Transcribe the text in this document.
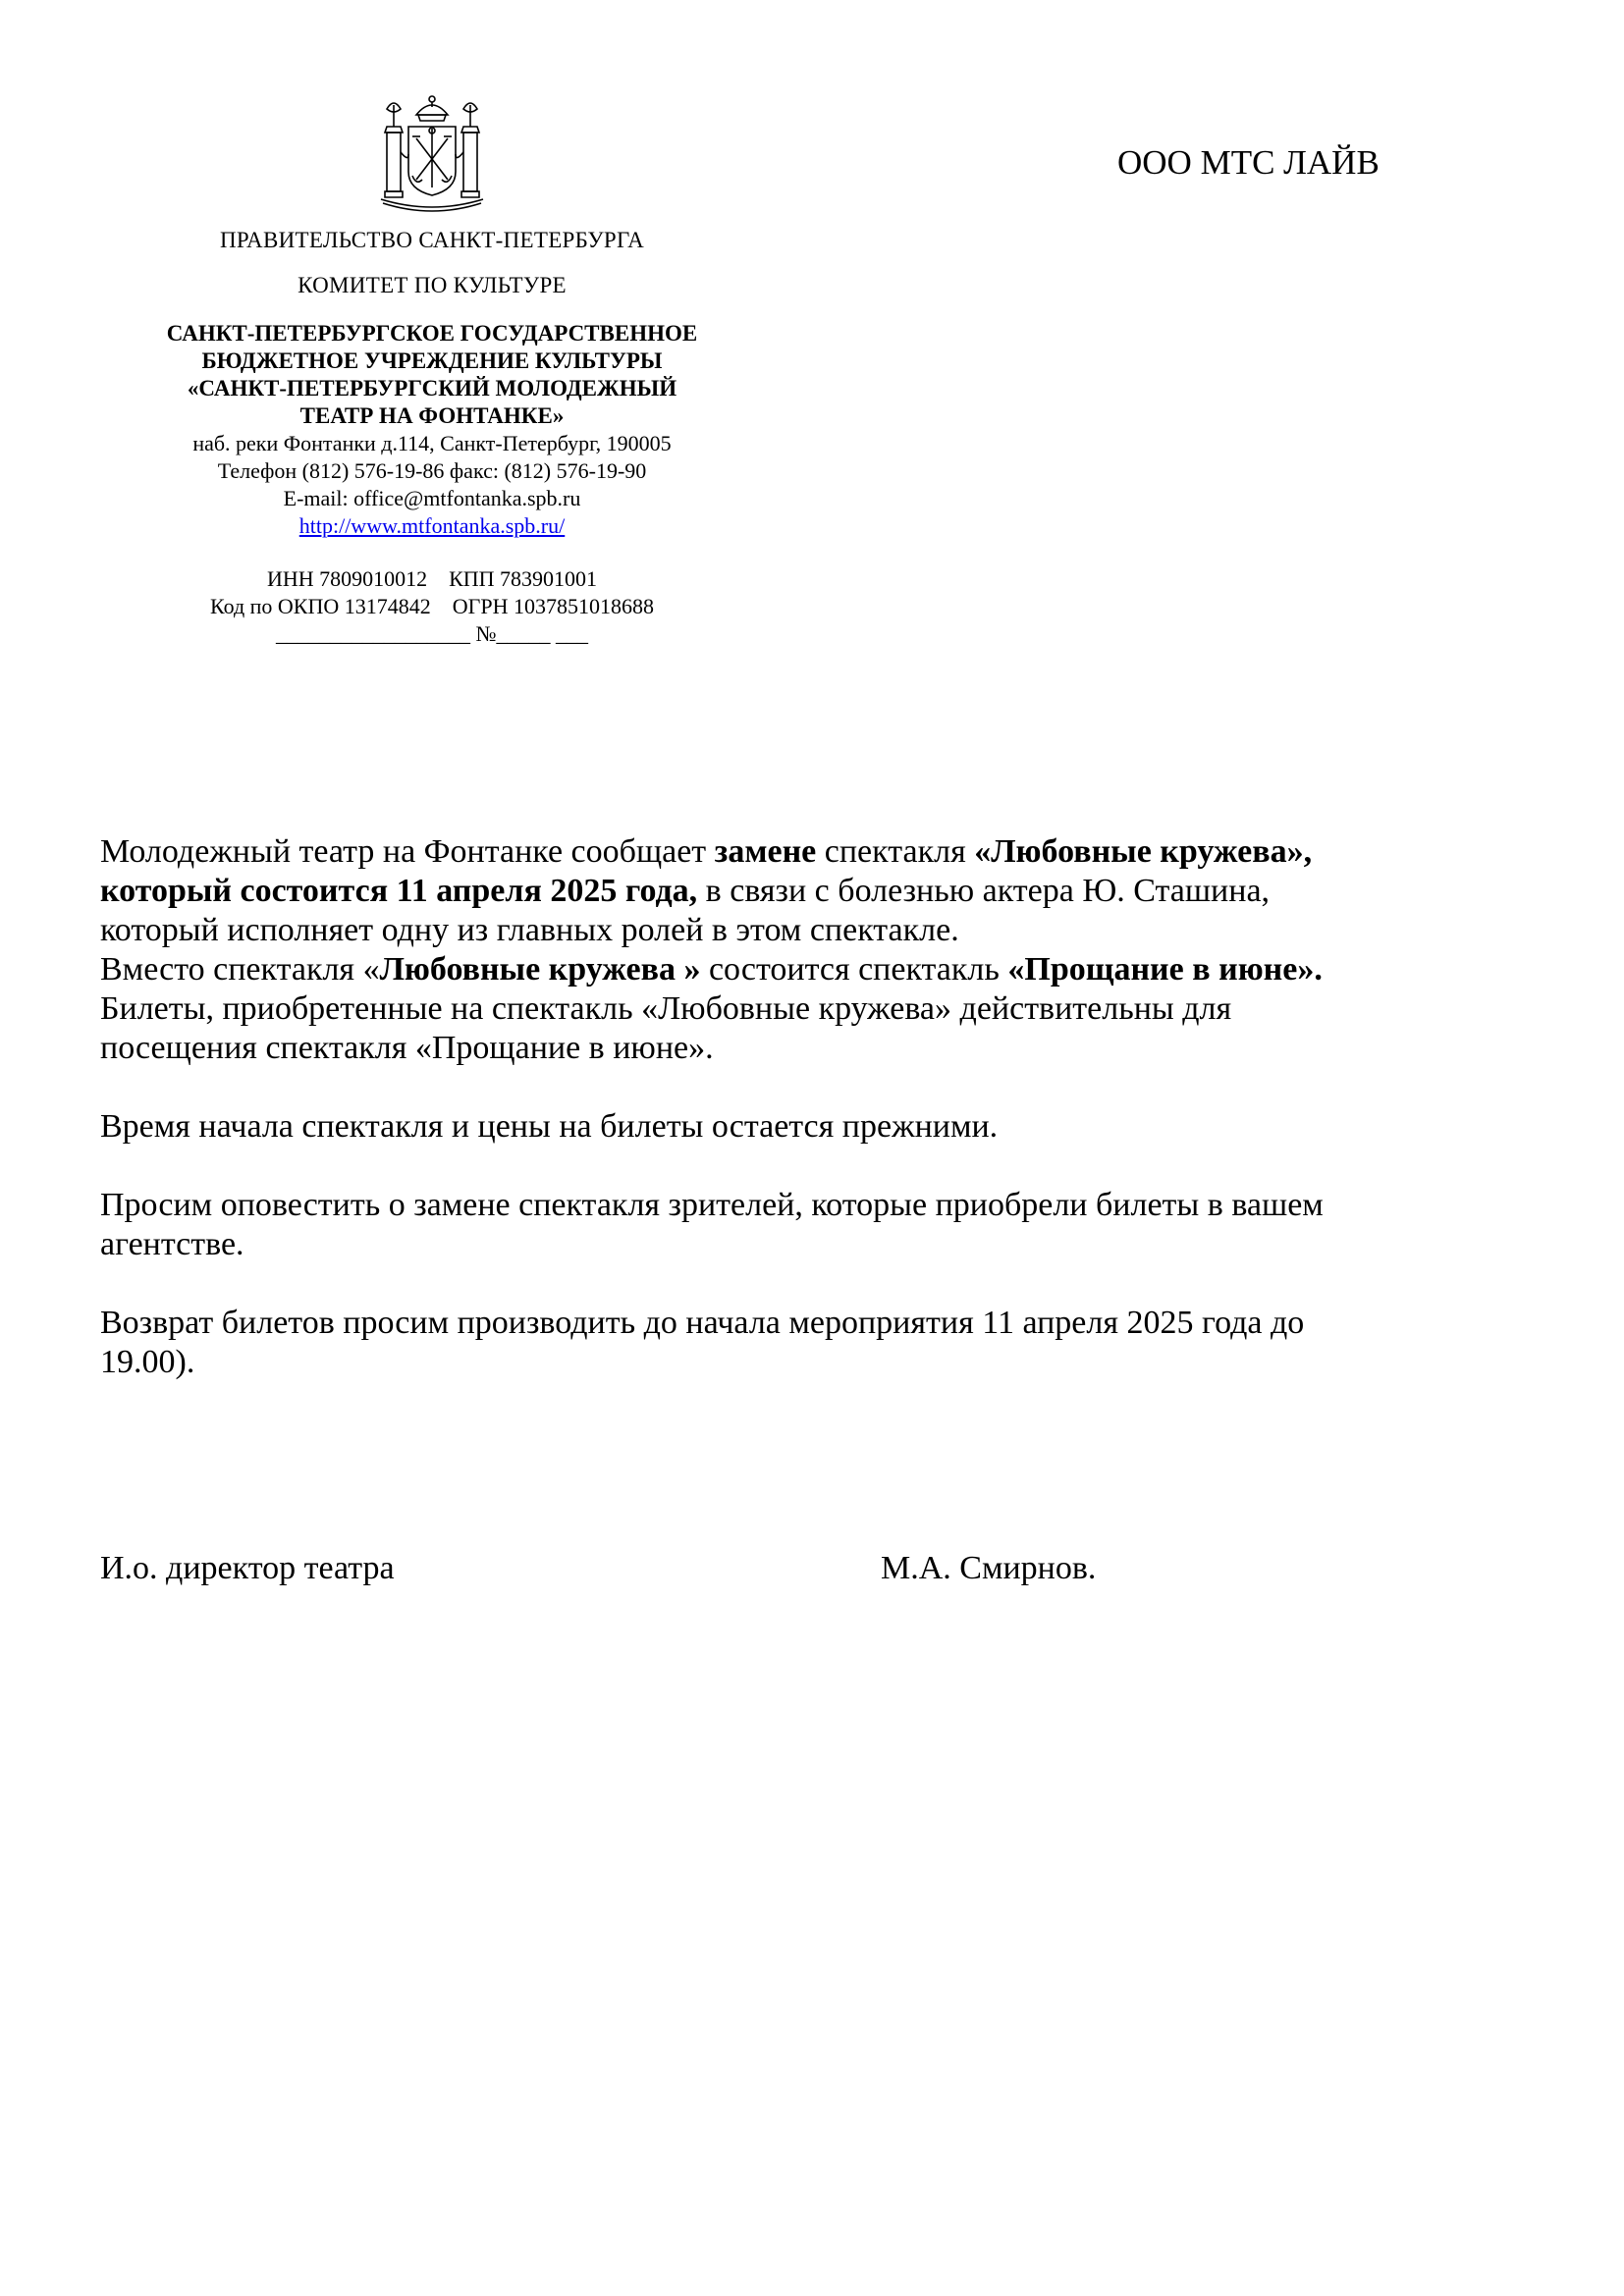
ПРАВИТЕЛЬСТВО САНКТ-ПЕТЕРБУРГА
КОМИТЕТ ПО КУЛЬТУРЕ
САНКТ-ПЕТЕРБУРГСКОЕ ГОСУДАРСТВЕННОЕ
БЮДЖЕТНОЕ УЧРЕЖДЕНИЕ КУЛЬТУРЫ
«САНКТ-ПЕТЕРБУРГСКИЙ МОЛОДЕЖНЫЙ
ТЕАТР НА ФОНТАНКЕ»
наб. реки Фонтанки д.114, Санкт-Петербург, 190005
Телефон (812) 576-19-86 факс: (812) 576-19-90
E-mail: office@mtfontanka.spb.ru
http://www.mtfontanka.spb.ru/
ИНН 7809010012 КПП 783901001
Код по ОКПО 13174842 ОГРН 1037851018688
__________________ №_____ ___
ООО МТС ЛАЙВ

Молодежный театр на Фонтанке сообщает замене спектакля «Любовные кружева»,
который состоится 11 апреля 2025 года, в связи с болезнью актера Ю. Сташина,
который исполняет одну из главных ролей в этом спектакле.
Вместо спектакля «Любовные кружева » состоится спектакль «Прощание в июне».
Билеты, приобретенные на спектакль «Любовные кружева» действительны для
посещения спектакля «Прощание в июне».

Время начала спектакля и цены на билеты остается прежними.

Просим оповестить о замене спектакля зрителей, которые приобрели билеты в вашем
агентстве.

Возврат билетов просим производить до начала мероприятия 11 апреля 2025 года до
19.00).

И.о. директор театра	М.А. Смирнов.
